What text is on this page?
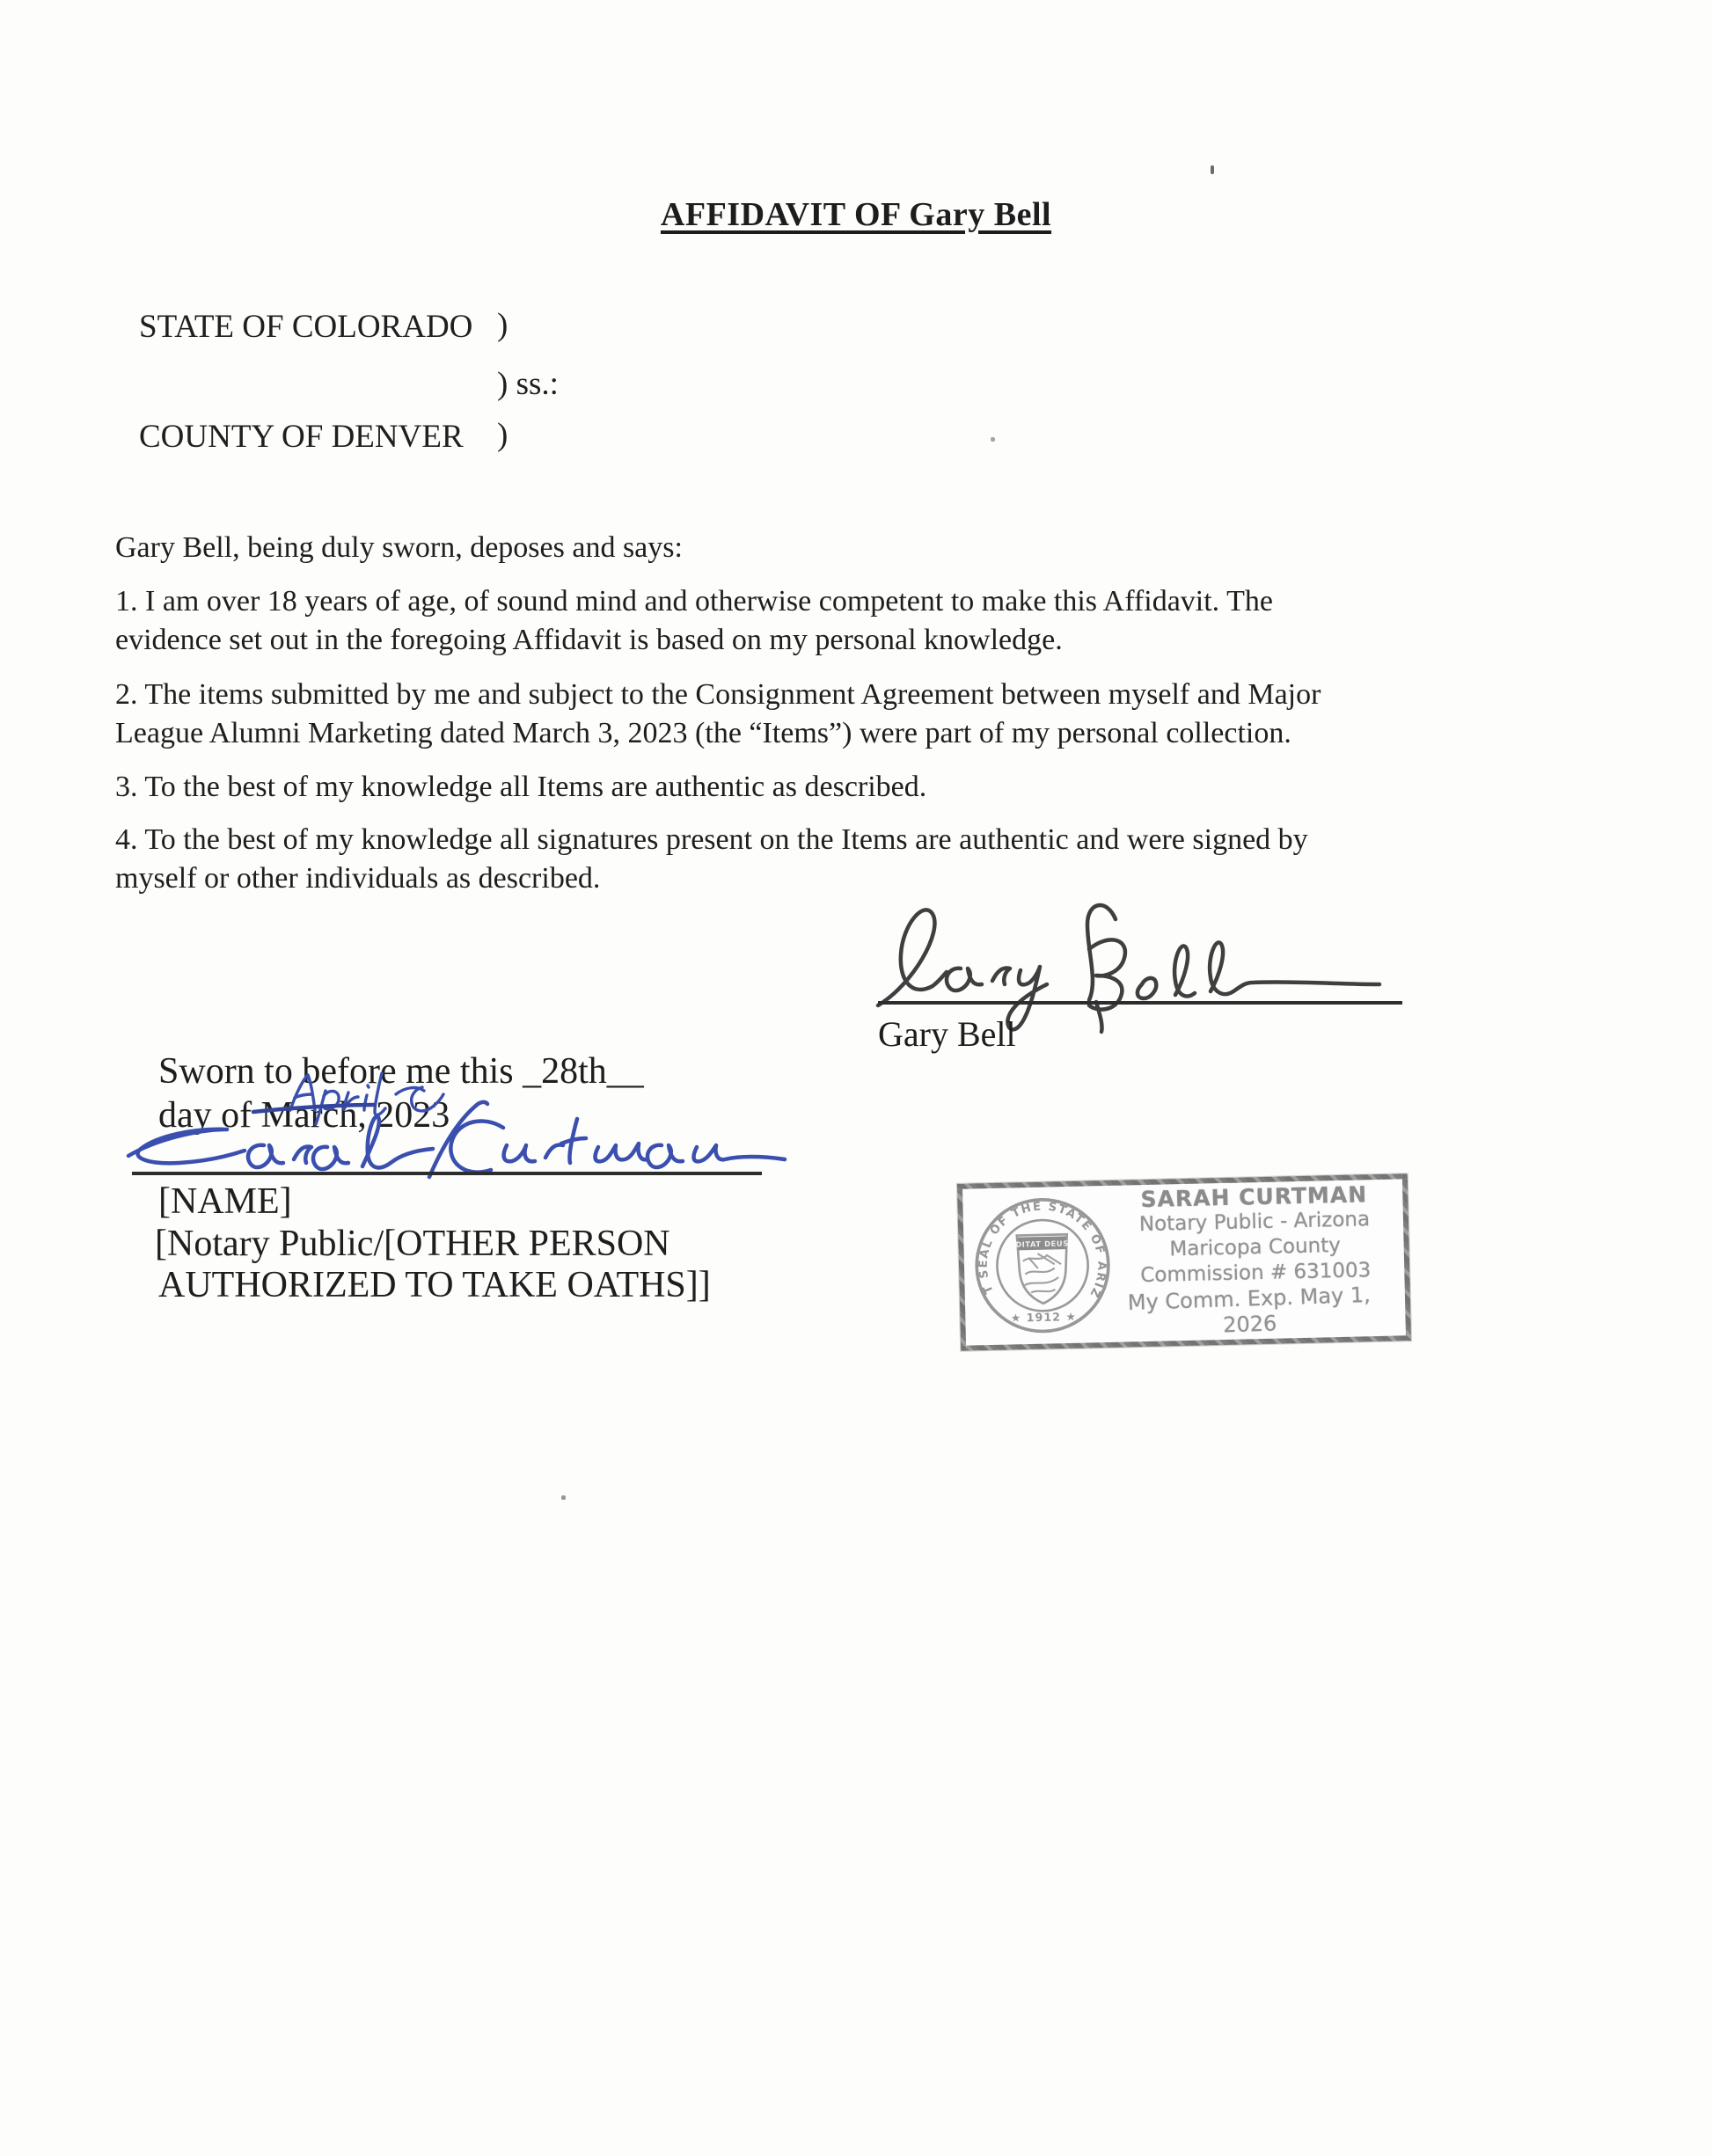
AFFIDAVIT OF Gary Bell
STATE OF COLORADO )
) ss.:
COUNTY OF DENVER )
Gary Bell, being duly sworn, deposes and says:
1. I am over 18 years of age, of sound mind and otherwise competent to make this Affidavit. The
evidence set out in the foregoing Affidavit is based on my personal knowledge.
2. The items submitted by me and subject to the Consignment Agreement between myself and Major
League Alumni Marketing dated March 3, 2023 (the “Items”) were part of my personal collection.
3. To the best of my knowledge all Items are authentic as described.
4. To the best of my knowledge all signatures present on the Items are authentic and were signed by
myself or other individuals as described.
Gary Bell
Sworn to before me this _28th__
day of March, 2023
[NAME]
[Notary Public/[OTHER PERSON
AUTHORIZED TO TAKE OATHS]]
GREAT SEAL OF THE STATE OF ARIZONA
★ 1912 ★
DITAT DEUS
SARAH CURTMAN
Notary Public - Arizona
Maricopa County
Commission # 631003
My Comm. Exp. May 1, 2026
